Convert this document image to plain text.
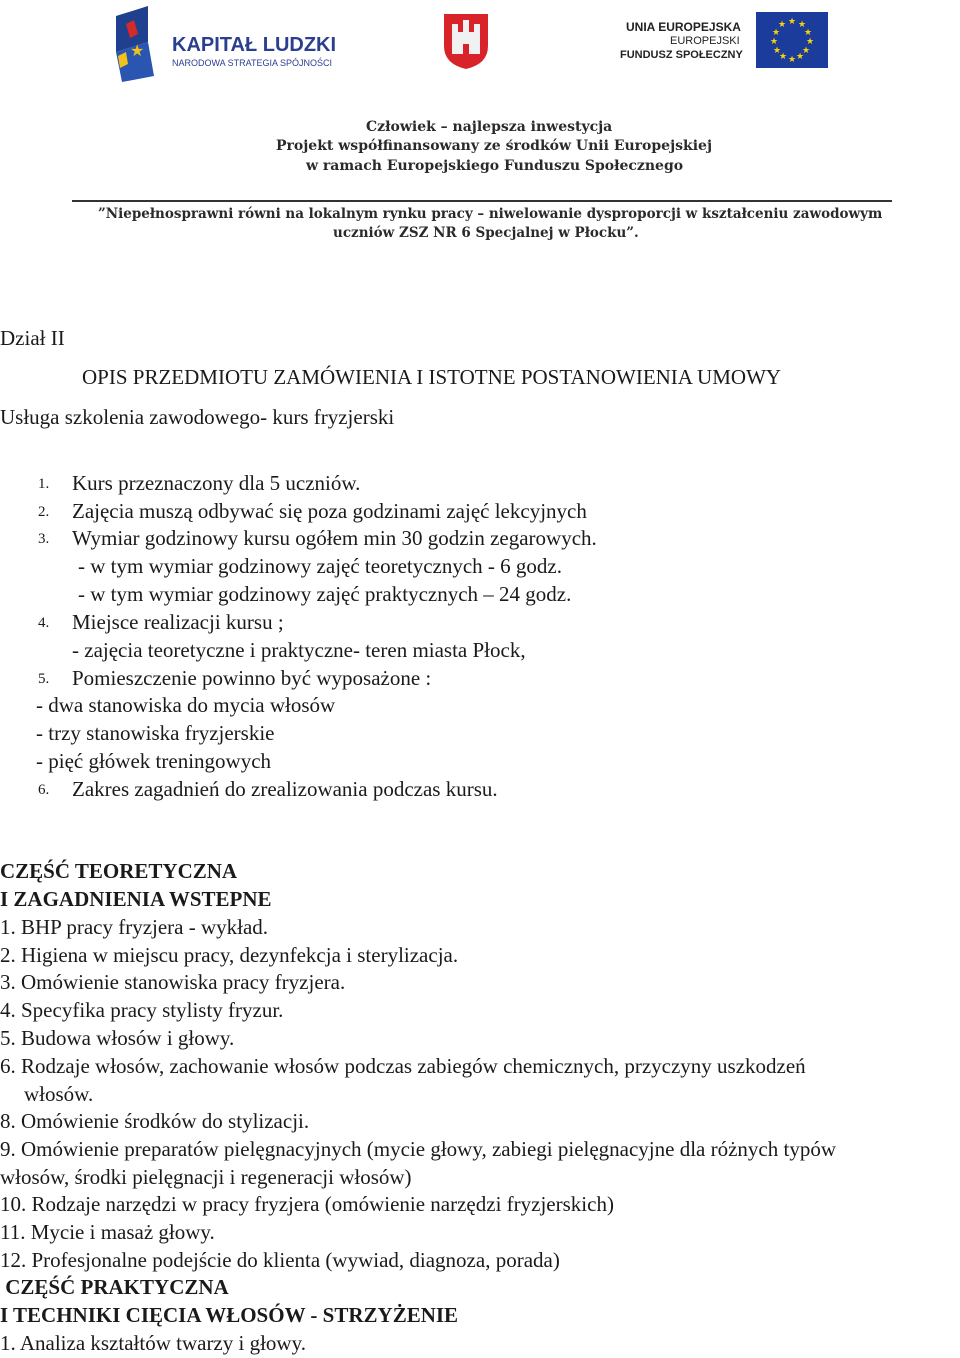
★ KAPITAŁ LUDZKI
NARODOWA STRATEGIA SPÓJNOŚCI
UNIA EUROPEJSKA
EUROPEJSKI
FUNDUSZ SPOŁECZNY
★ ★
★
★
★
★
★
★
★
★
★
★
Człowiek – najlepsza inwestycja
Projekt współfinansowany ze środków Unii Europejskiej
w ramach Europejskiego Funduszu Społecznego
”Niepełnosprawni równi na lokalnym rynku pracy – niwelowanie dysproporcji w kształceniu zawodowym
uczniów ZSZ NR 6 Specjalnej w Płocku”.
Dział II
OPIS PRZEDMIOTU ZAMÓWIENIA I ISTOTNE POSTANOWIENIA UMOWY
Usługa szkolenia zawodowego- kurs fryzjerski
1. Kurs przeznaczony dla 5 uczniów.
2. Zajęcia muszą odbywać się poza godzinami zajęć lekcyjnych
3. Wymiar godzinowy kursu ogółem min 30 godzin zegarowych.
- w tym wymiar godzinowy zajęć teoretycznych - 6 godz.
- w tym wymiar godzinowy zajęć praktycznych – 24 godz.
4. Miejsce realizacji kursu ;
- zajęcia teoretyczne i praktyczne- teren miasta Płock,
5. Pomieszczenie powinno być wyposażone :
- dwa stanowiska do mycia włosów
- trzy stanowiska fryzjerskie
- pięć główek treningowych
6. Zakres zagadnień do zrealizowania podczas kursu.
CZĘŚĆ TEORETYCZNA
I ZAGADNIENIA WSTEPNE
1. BHP pracy fryzjera - wykład.
2. Higiena w miejscu pracy, dezynfekcja i sterylizacja.
3. Omówienie stanowiska pracy fryzjera.
4. Specyfika pracy stylisty fryzur.
5. Budowa włosów i głowy.
6. Rodzaje włosów, zachowanie włosów podczas zabiegów chemicznych, przyczyny uszkodzeń
włosów.
8. Omówienie środków do stylizacji.
9. Omówienie preparatów pielęgnacyjnych (mycie głowy, zabiegi pielęgnacyjne dla różnych typów
włosów, środki pielęgnacji i regeneracji włosów)
10. Rodzaje narzędzi w pracy fryzjera (omówienie narzędzi fryzjerskich)
11. Mycie i masaż głowy.
12. Profesjonalne podejście do klienta (wywiad, diagnoza, porada)
CZĘŚĆ PRAKTYCZNA
I TECHNIKI CIĘCIA WŁOSÓW - STRZYŻENIE
1. Analiza kształtów twarzy i głowy.
